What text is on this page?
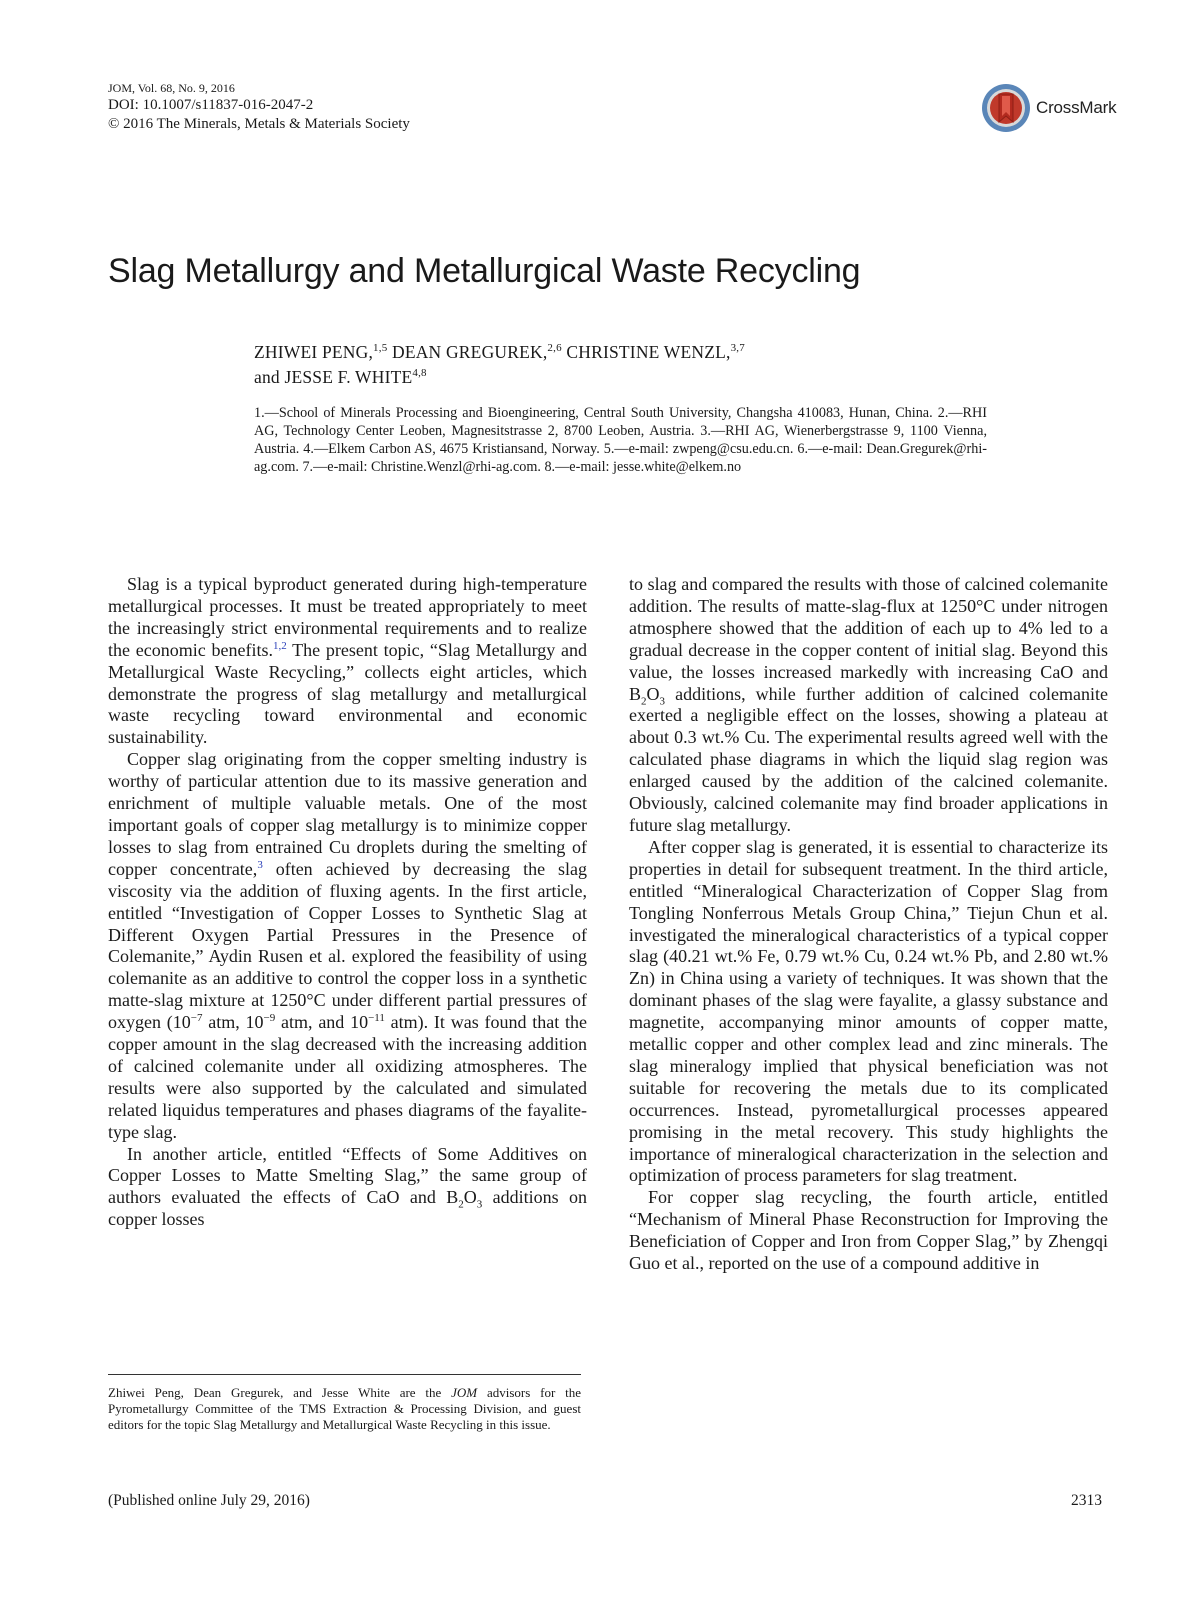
JOM, Vol. 68, No. 9, 2016
DOI: 10.1007/s11837-016-2047-2
© 2016 The Minerals, Metals & Materials Society
CrossMark
Slag Metallurgy and Metallurgical Waste Recycling
ZHIWEI PENG,$^{1,5}$ DEAN GREGUREK,$^{2,6}$ CHRISTINE WENZL,$^{3,7}$
and JESSE F. WHITE$^{4,8}$
1.—School of Minerals Processing and Bioengineering, Central South University, Changsha 410083, Hunan, China. 2.—RHI AG, Technology Center Leoben, Magnesitstrasse 2, 8700 Leoben, Austria. 3.—RHI AG, Wienerbergstrasse 9, 1100 Vienna, Austria. 4.—Elkem Carbon AS, 4675 Kristiansand, Norway. 5.—e-mail: zwpeng@csu.edu.cn. 6.—e-mail: Dean.Gregurek@rhi-ag.com. 7.—e-mail: Christine.Wenzl@rhi-ag.com. 8.—e-mail: jesse.white@elkem.no

Slag is a typical byproduct generated during high-temperature metallurgical processes. It must be treated appropriately to meet the increasingly strict environmental requirements and to realize the economic benefits.$^{1,2}$ The present topic, “Slag Metallurgy and Metallurgical Waste Recycling,” collects eight articles, which demonstrate the progress of slag metallurgy and metallurgical waste recycling toward environmental and economic sustainability.

Copper slag originating from the copper smelting industry is worthy of particular attention due to its massive generation and enrichment of multiple valuable metals. One of the most important goals of copper slag metallurgy is to minimize copper losses to slag from entrained Cu droplets during the smelting of copper concentrate,$^3$ often achieved by decreasing the slag viscosity via the addition of fluxing agents. In the first article, entitled “Investigation of Copper Losses to Synthetic Slag at Different Oxygen Partial Pressures in the Presence of Colemanite,” Aydin Rusen et al. explored the feasibility of using colemanite as an additive to control the copper loss in a synthetic matte-slag mixture at 1250°C under different partial pressures of oxygen ($10^{-7}$ atm, $10^{-9}$ atm, and $10^{-11}$ atm). It was found that the copper amount in the slag decreased with the increasing addition of calcined colemanite under all oxidizing atmospheres. The results were also supported by the calculated and simulated related liquidus temperatures and phases diagrams of the fayalite-type slag.

In another article, entitled “Effects of Some Additives on Copper Losses to Matte Smelting Slag,” the same group of authors evaluated the effects of CaO and $B_2O_3$ additions on copper losses

to slag and compared the results with those of calcined colemanite addition. The results of matte-slag-flux at 1250°C under nitrogen atmosphere showed that the addition of each up to 4% led to a gradual decrease in the copper content of initial slag. Beyond this value, the losses increased markedly with increasing CaO and $B_2O_3$ additions, while further addition of calcined colemanite exerted a negligible effect on the losses, showing a plateau at about 0.3 wt.% Cu. The experimental results agreed well with the calculated phase diagrams in which the liquid slag region was enlarged caused by the addition of the calcined colemanite. Obviously, calcined colemanite may find broader applications in future slag metallurgy.

After copper slag is generated, it is essential to characterize its properties in detail for subsequent treatment. In the third article, entitled “Mineralogical Characterization of Copper Slag from Tongling Nonferrous Metals Group China,” Tiejun Chun et al. investigated the mineralogical characteristics of a typical copper slag (40.21 wt.% Fe, 0.79 wt.% Cu, 0.24 wt.% Pb, and 2.80 wt.% Zn) in China using a variety of techniques. It was shown that the dominant phases of the slag were fayalite, a glassy substance and magnetite, accompanying minor amounts of copper matte, metallic copper and other complex lead and zinc minerals. The slag mineralogy implied that physical beneficiation was not suitable for recovering the metals due to its complicated occurrences. Instead, pyrometallurgical processes appeared promising in the metal recovery. This study highlights the importance of mineralogical characterization in the selection and optimization of process parameters for slag treatment.

For copper slag recycling, the fourth article, entitled “Mechanism of Mineral Phase Reconstruction for Improving the Beneficiation of Copper and Iron from Copper Slag,” by Zhengqi Guo et al., reported on the use of a compound additive in

Zhiwei Peng, Dean Gregurek, and Jesse White are the JOM advisors for the Pyrometallurgy Committee of the TMS Extraction & Processing Division, and guest editors for the topic Slag Metallurgy and Metallurgical Waste Recycling in this issue.
(Published online July 29, 2016)	2313
